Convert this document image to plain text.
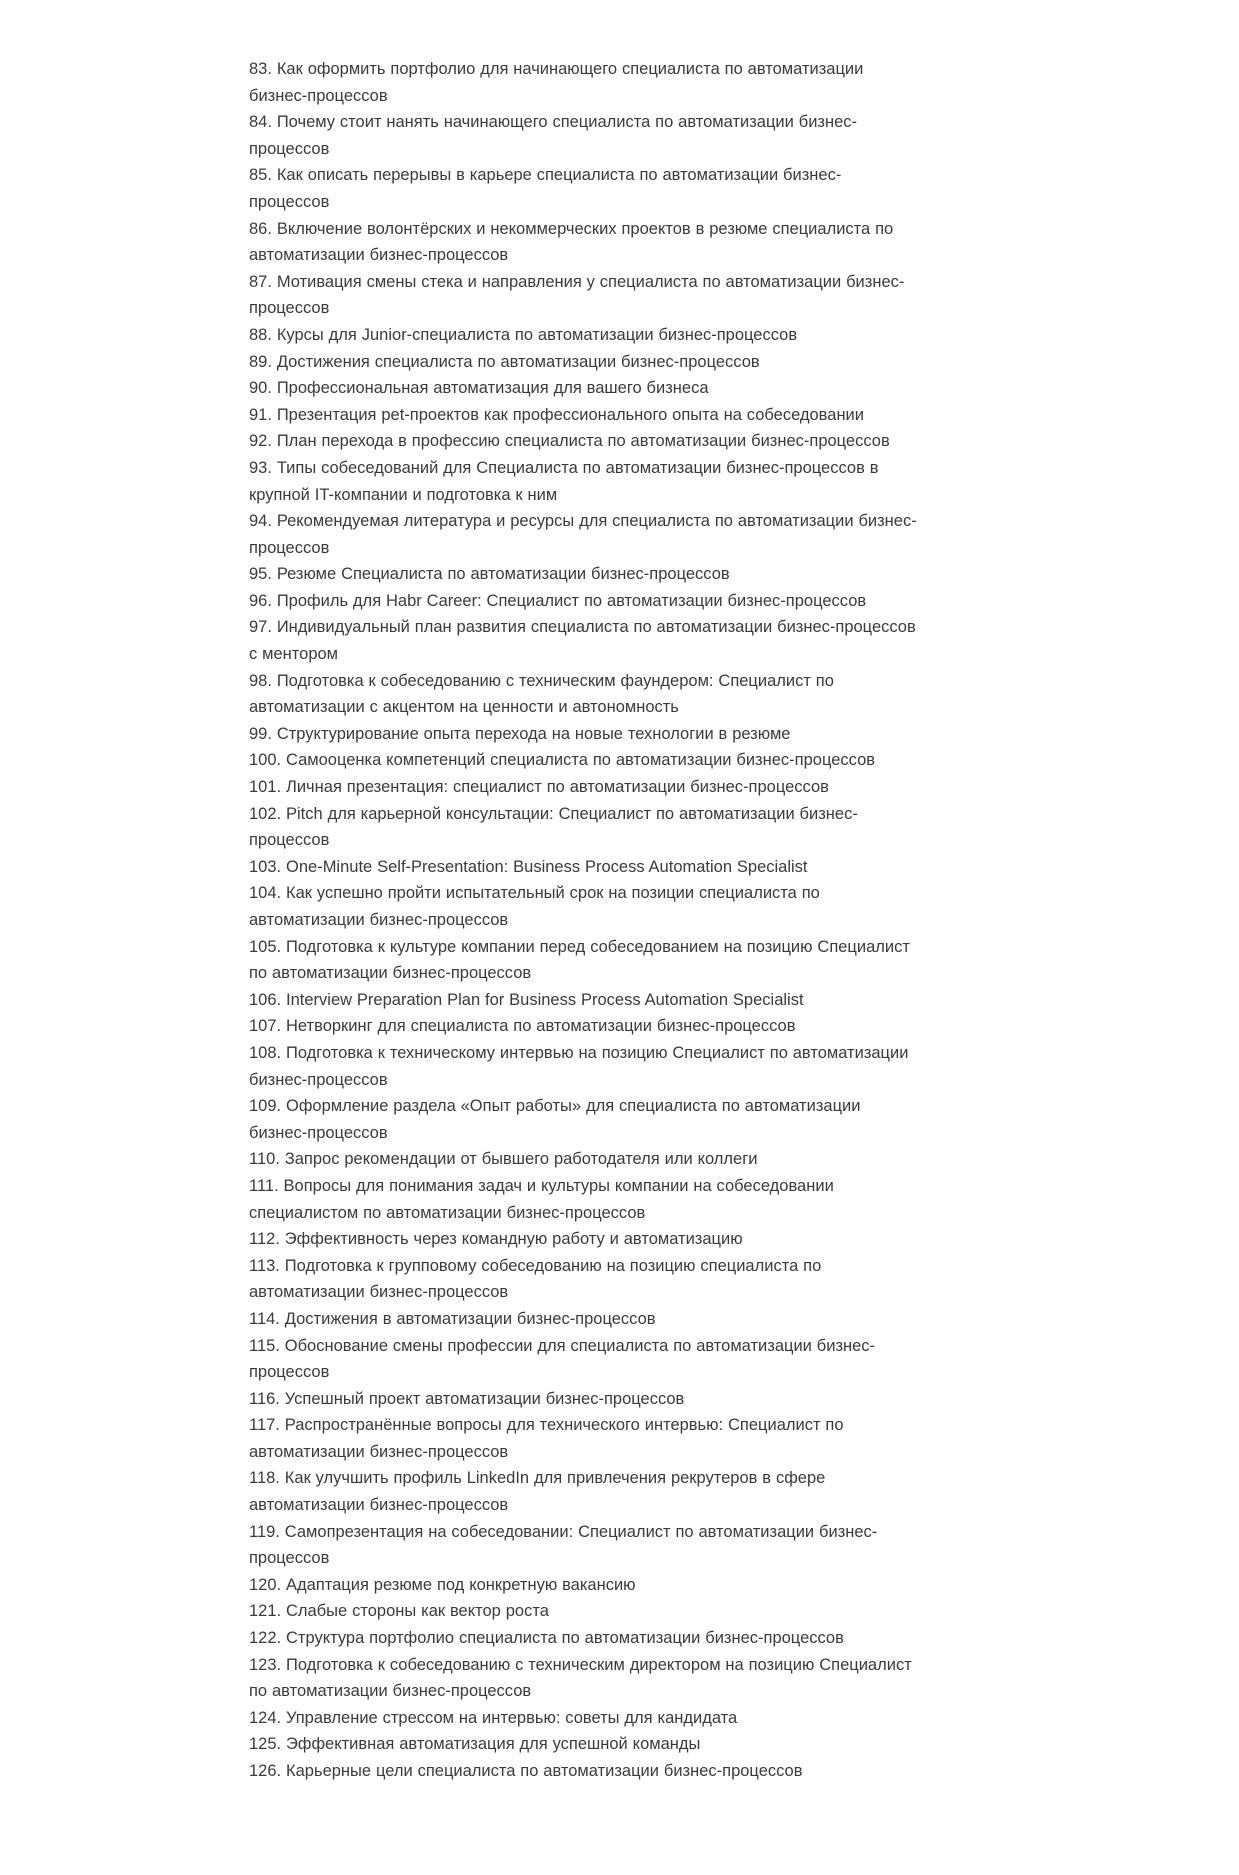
83. Как оформить портфолио для начинающего специалиста по автоматизации бизнес-процессов

84. Почему стоит нанять начинающего специалиста по автоматизации бизнес-процессов

85. Как описать перерывы в карьере специалиста по автоматизации бизнес-процессов

86. Включение волонтёрских и некоммерческих проектов в резюме специалиста по автоматизации бизнес-процессов

87. Мотивация смены стека и направления у специалиста по автоматизации бизнес-процессов

88. Курсы для Junior-специалиста по автоматизации бизнес-процессов

89. Достижения специалиста по автоматизации бизнес-процессов

90. Профессиональная автоматизация для вашего бизнеса

91. Презентация pet-проектов как профессионального опыта на собеседовании

92. План перехода в профессию специалиста по автоматизации бизнес-процессов

93. Типы собеседований для Специалиста по автоматизации бизнес-процессов в крупной IT-компании и подготовка к ним

94. Рекомендуемая литература и ресурсы для специалиста по автоматизации бизнес-процессов

95. Резюме Специалиста по автоматизации бизнес-процессов

96. Профиль для Habr Career: Специалист по автоматизации бизнес-процессов

97. Индивидуальный план развития специалиста по автоматизации бизнес-процессов с ментором

98. Подготовка к собеседованию с техническим фаундером: Специалист по автоматизации с акцентом на ценности и автономность

99. Структурирование опыта перехода на новые технологии в резюме

100. Самооценка компетенций специалиста по автоматизации бизнес-процессов

101. Личная презентация: специалист по автоматизации бизнес-процессов

102. Pitch для карьерной консультации: Специалист по автоматизации бизнес-процессов

103. One-Minute Self-Presentation: Business Process Automation Specialist

104. Как успешно пройти испытательный срок на позиции специалиста по автоматизации бизнес-процессов

105. Подготовка к культуре компании перед собеседованием на позицию Специалист по автоматизации бизнес-процессов

106. Interview Preparation Plan for Business Process Automation Specialist

107. Нетворкинг для специалиста по автоматизации бизнес-процессов

108. Подготовка к техническому интервью на позицию Специалист по автоматизации бизнес-процессов

109. Оформление раздела «Опыт работы» для специалиста по автоматизации бизнес-процессов

110. Запрос рекомендации от бывшего работодателя или коллеги

111. Вопросы для понимания задач и культуры компании на собеседовании специалистом по автоматизации бизнес-процессов

112. Эффективность через командную работу и автоматизацию

113. Подготовка к групповому собеседованию на позицию специалиста по автоматизации бизнес-процессов

114. Достижения в автоматизации бизнес-процессов

115. Обоснование смены профессии для специалиста по автоматизации бизнес-процессов

116. Успешный проект автоматизации бизнес-процессов

117. Распространённые вопросы для технического интервью: Специалист по автоматизации бизнес-процессов

118. Как улучшить профиль LinkedIn для привлечения рекрутеров в сфере автоматизации бизнес-процессов

119. Самопрезентация на собеседовании: Специалист по автоматизации бизнес-процессов

120. Адаптация резюме под конкретную вакансию

121. Слабые стороны как вектор роста

122. Структура портфолио специалиста по автоматизации бизнес-процессов

123. Подготовка к собеседованию с техническим директором на позицию Специалист по автоматизации бизнес-процессов

124. Управление стрессом на интервью: советы для кандидата

125. Эффективная автоматизация для успешной команды

126. Карьерные цели специалиста по автоматизации бизнес-процессов
